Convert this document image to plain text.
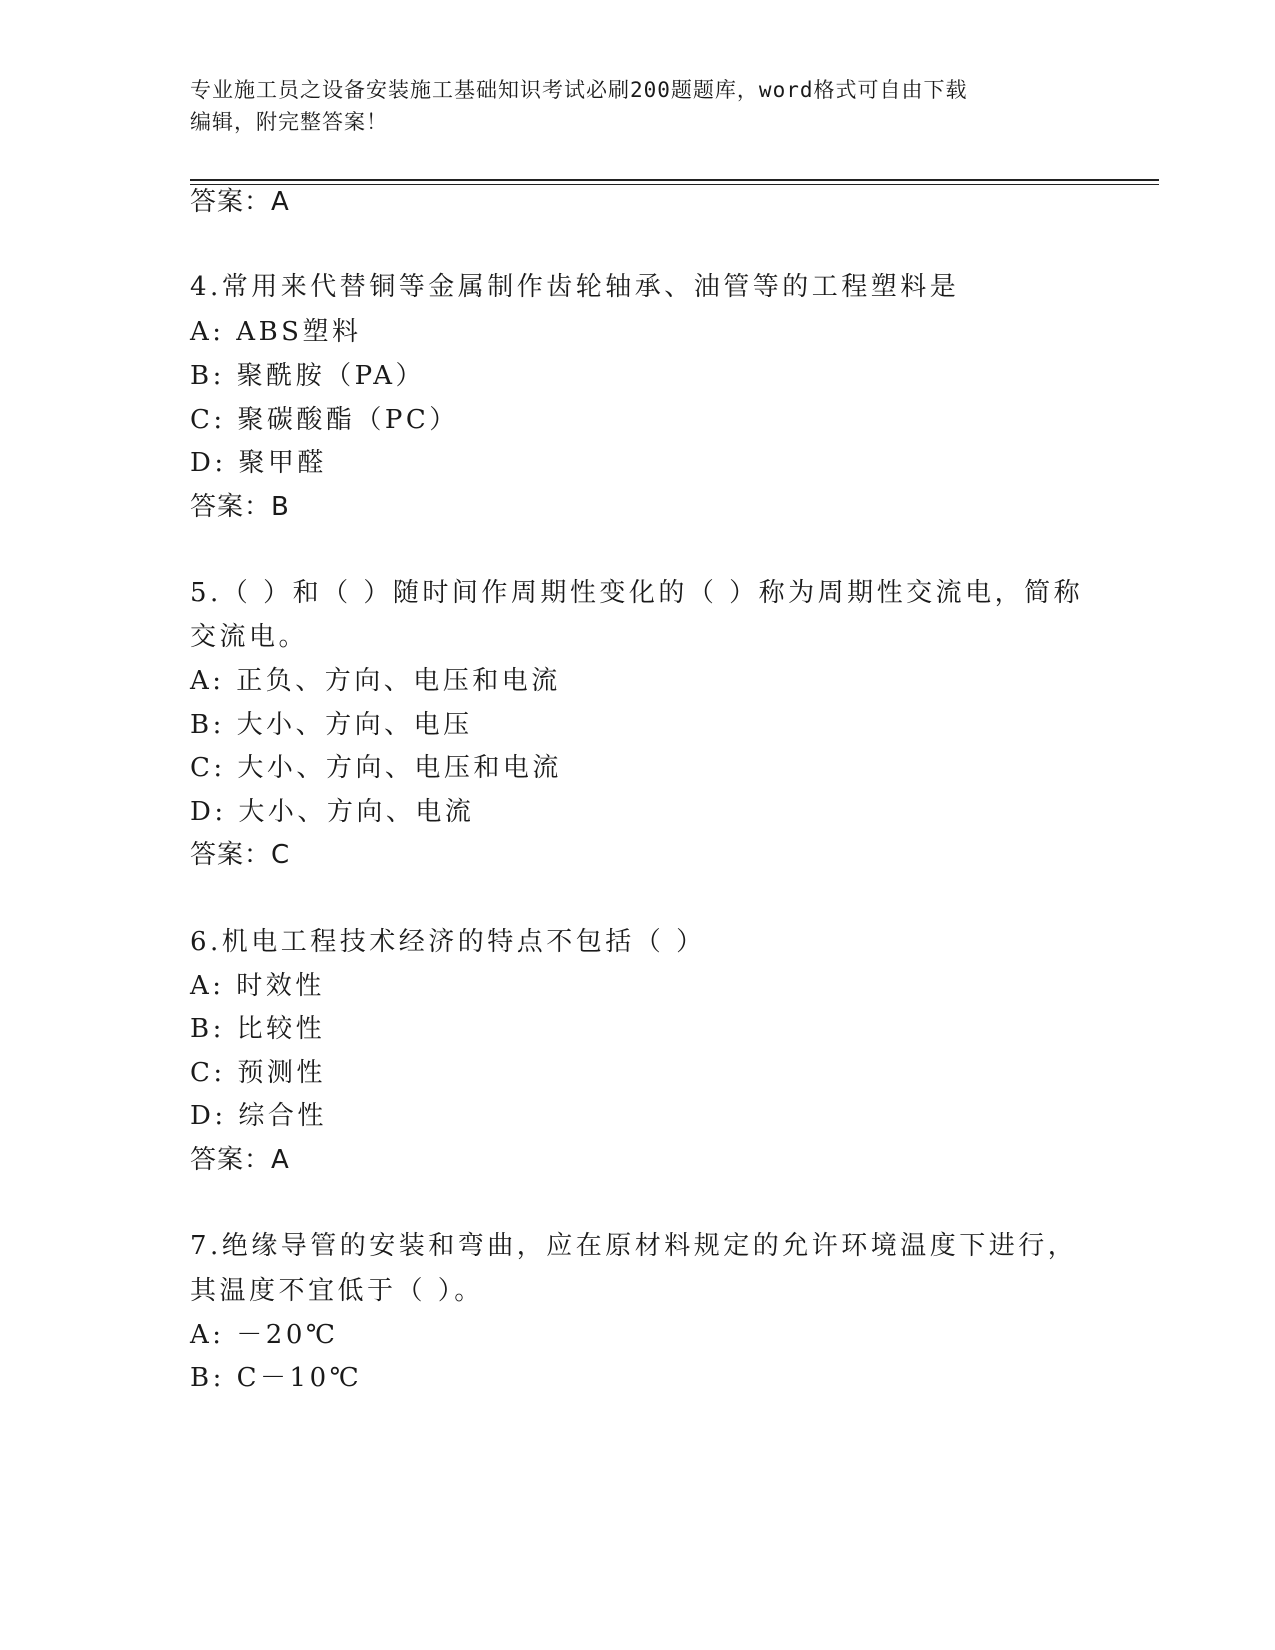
专业施工员之设备安装施工基础知识考试必刷200题题库，word格式可自由下载
编辑，附完整答案！
答案：A
4.常用来代替铜等金属制作齿轮轴承、油管等的工程塑料是
A: ABS塑料
B: 聚酰胺（PA）
C: 聚碳酸酯（PC）
D: 聚甲醛
答案：B
5.（ ）和（ ）随时间作周期性变化的（ ）称为周期性交流电，简称
交流电。
A: 正负、方向、电压和电流
B: 大小、方向、电压
C: 大小、方向、电压和电流
D: 大小、方向、电流
答案：C
6.机电工程技术经济的特点不包括（ ）
A: 时效性
B: 比较性
C: 预测性
D: 综合性
答案：A
7.绝缘导管的安装和弯曲，应在原材料规定的允许环境温度下进行，
其温度不宜低于（ ）。
A: －20℃
B: C－10℃
